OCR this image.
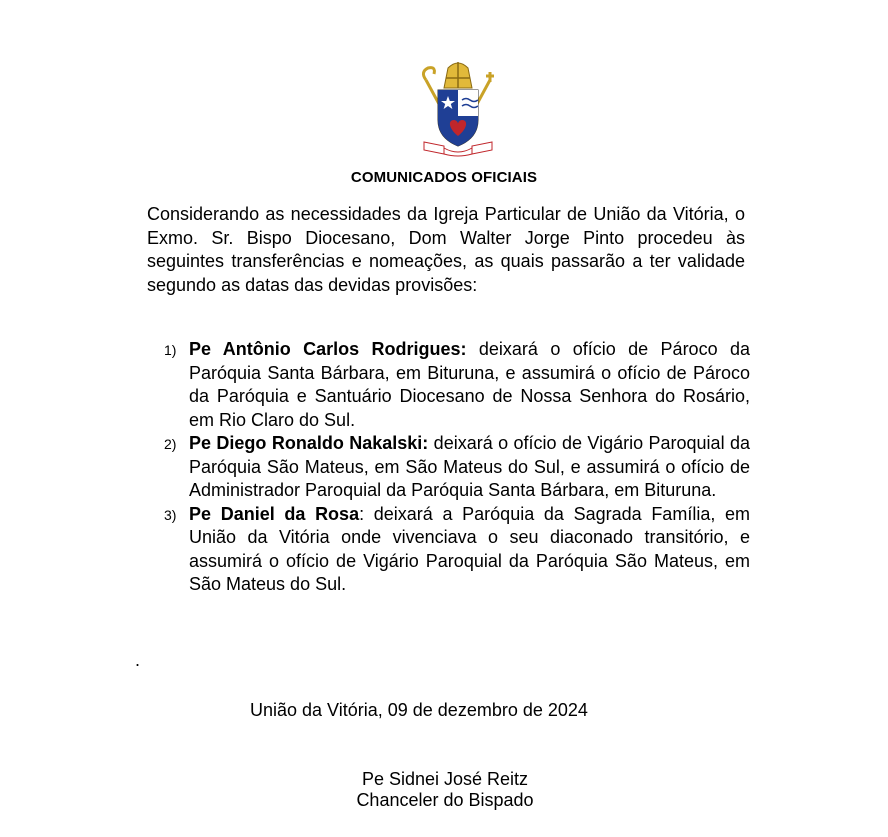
COMUNICADOS OFICIAIS

Considerando as necessidades da Igreja Particular de União da Vitória, o Exmo. Sr. Bispo Diocesano, Dom Walter Jorge Pinto procedeu às seguintes transferências e nomeações, as quais passarão a ter validade segundo as datas das devidas provisões:

1) Pe Antônio Carlos Rodrigues: deixará o ofício de Pároco da Paróquia Santa Bárbara, em Bituruna, e assumirá o ofício de Pároco da Paróquia e Santuário Diocesano de Nossa Senhora do Rosário, em Rio Claro do Sul.
2) Pe Diego Ronaldo Nakalski: deixará o ofício de Vigário Paroquial da Paróquia São Mateus, em São Mateus do Sul, e assumirá o ofício de Administrador Paroquial da Paróquia Santa Bárbara, em Bituruna.
3) Pe Daniel da Rosa: deixará a Paróquia da Sagrada Família, em União da Vitória onde vivenciava o seu diaconado transitório, e assumirá o ofício de Vigário Paroquial da Paróquia São Mateus, em São Mateus do Sul.
.
União da Vitória, 09 de dezembro de 2024
Pe Sidnei José Reitz
Chanceler do Bispado
